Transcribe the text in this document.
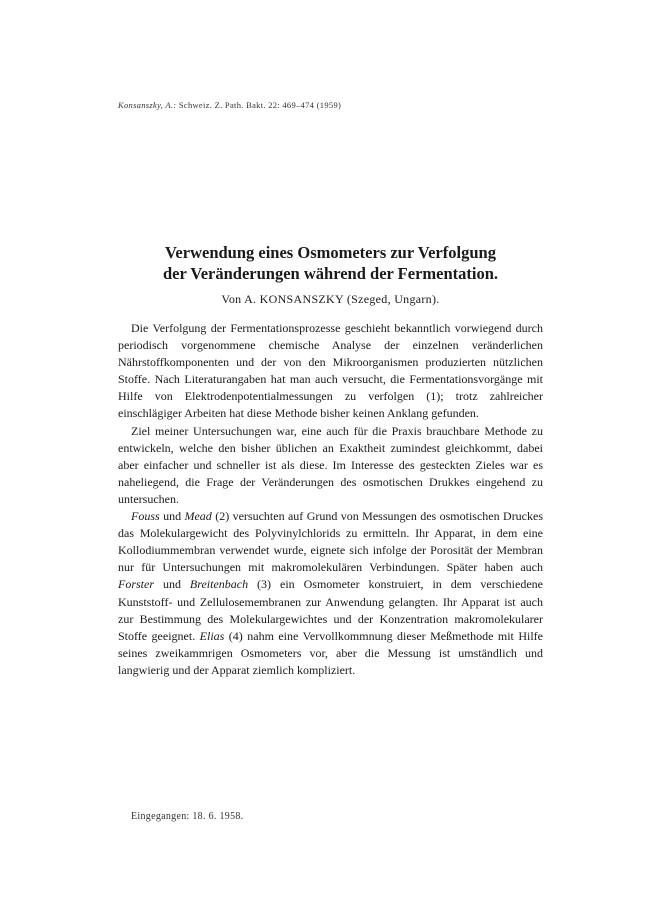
Konsanszky, A.: Schweiz. Z. Path. Bakt. 22: 469–474 (1959)
Verwendung eines Osmometers zur Verfolgung
der Veränderungen während der Fermentation.
Von A. KONSANSZKY (Szeged, Ungarn).

Die Verfolgung der Fermentationsprozesse geschieht bekanntlich vorwiegend durch periodisch vorgenommene chemische Analyse der einzelnen veränderlichen Nährstoffkomponenten und der von den Mikroorganismen produzierten nützlichen Stoffe. Nach Literaturangaben hat man auch versucht, die Fermentationsvorgänge mit Hilfe von Elektrodenpotentialmessungen zu verfolgen (1); trotz zahlreicher einschlägiger Arbeiten hat diese Methode bisher keinen Anklang gefunden.

Ziel meiner Untersuchungen war, eine auch für die Praxis brauchbare Methode zu entwickeln, welche den bisher üblichen an Exaktheit zumindest gleichkommt, dabei aber einfacher und schneller ist als diese. Im Interesse des gesteckten Zieles war es naheliegend, die Frage der Veränderungen des osmotischen Drukkes eingehend zu untersuchen.

Fouss und Mead (2) versuchten auf Grund von Messungen des osmotischen Druckes das Molekulargewicht des Polyvinylchlorids zu ermitteln. Ihr Apparat, in dem eine Kollodiummembran verwendet wurde, eignete sich infolge der Porosität der Membran nur für Untersuchungen mit makromolekulären Verbindungen. Später haben auch Forster und Breitenbach (3) ein Osmometer konstruiert, in dem verschiedene Kunststoff- und Zellulosemembranen zur Anwendung gelangten. Ihr Apparat ist auch zur Bestimmung des Molekulargewichtes und der Konzentration makromolekularer Stoffe geeignet. Elias (4) nahm eine Vervollkommnung dieser Meßmethode mit Hilfe seines zweikammrigen Osmometers vor, aber die Messung ist umständlich und langwierig und der Apparat ziemlich kompliziert.

Eingegangen: 18. 6. 1958.
